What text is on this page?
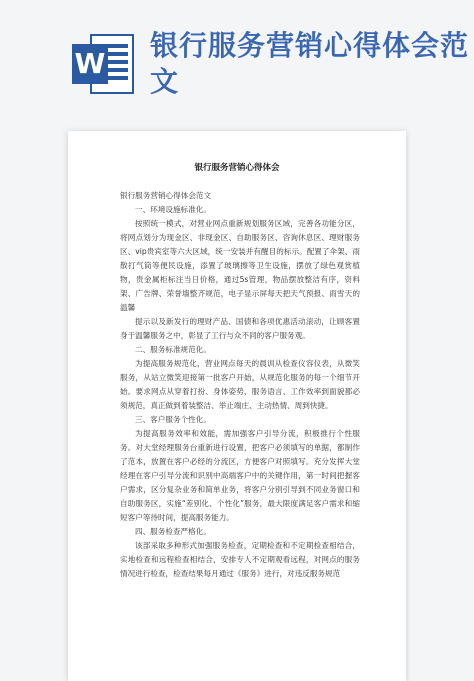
W
银行服务营销心得体会范文
银行服务营销心得体会

银行服务营销心得体会范文

一、环境设施标准化。

按照统一模式，对营业网点重新规划服务区域，完善各功能分区，将网点划分为现金区、非现金区、自助服务区、咨询休息区、理财服务区、vip贵宾室等六大区域，统一安装并有醒目的标示。配置了伞架、雨散打气筒等便民设施，添置了玻璃擦等卫生设施，摆放了绿色观赏植物，贵金属柜标注当日价格，通过5s管理，物品摆放整洁有序，资料架、广告牌、荣誉墙整齐规范，电子显示屏每天把天气预报、雨雪天的温馨

提示以及新发行的理财产品、国债和各项优惠活动滚动，让顾客置身于温馨服务之中，彰显了工行与众不同的客户服务观。

二、服务标准规范化。

为提高服务规范化，营业网点每天的晨训从检查仪容仪表，从微笑服务，从站立微笑迎接第一批客户开始，从规范化服务的每一个细节开始。要求网点从穿着打扮、身体姿势、服务语言、工作效率到面貌都必须规范，真正做到着装整洁、举止端庄、主动热情、周到快捷。

三、客户服务个性化。

为提高服务效率和效能，需加强客户引导分流，积极推行个性服务。对大堂经理服务台重新进行设置，把客户必须填写的单据，都制作了范本，放置在客户必经的分流区，方便客户对照填写。充分发挥大堂经理在客户引导分流和识别中高端客户中的关键作用，第一时间把握客户需求，区分复杂业务和简单业务，将客户分别引导到不同业务窗口和自助服务区，实施“差别化、个性化”服务，最大限度满足客户需求和缩短客户等待时间，提高服务能力。

四、服务检查严格化。

该部采取多种形式加强服务检查，定期检查和不定期检查相结合，实地检查和远程检查相结合，安排专人不定期观看远程，对网点的服务情况进行检查，检查结果每月通过《服务》进行，对违反服务规范
